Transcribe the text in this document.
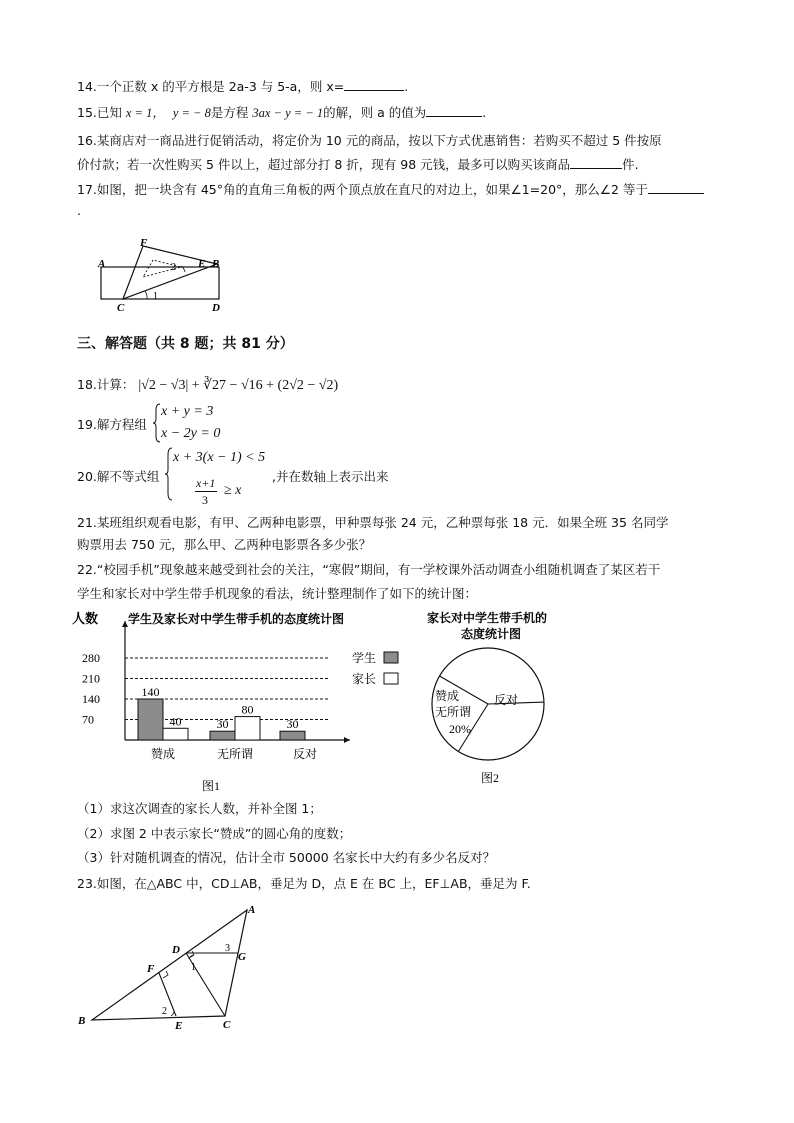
14.一个正数 x 的平方根是 2a-3 与 5-a，则 x=	.
15.已知 x = 1， y = − 8是方程 3ax − y = − 1的解，则 a 的值为	.
16.某商店对一商品进行促销活动，将定价为 10 元的商品，按以下方式优惠销售：若购买不超过 5 件按原
价付款；若一次性购买 5 件以上，超过部分打 8 折，现有 98 元钱，最多可以购买该商品	件.
17.如图，把一块含有 45°角的直角三角板的两个顶点放在直尺的对边上，如果∠1=20°，那么∠2 等于
.
F
A	E B
C	D
2
1
三、解答题（共 8 题；共 81 分）
18.计算： |√2 − √3| + ∛27 − √16 + (2√2 − √2)
19.解方程组
x + y = 3
x − 2y = 0
20.解不等式组
x + 3(x − 1) < 5
x+1
3
≥ x
,并在数轴上表示出来
21.某班组织观看电影，有甲、乙两种电影票，甲种票每张 24 元，乙种票每张 18 元．如果全班 35 名同学
购票用去 750 元，那么甲、乙两种电影票各多少张？
22.“校园手机”现象越来越受到社会的关注，“寒假”期间，有一学校课外活动调查小组随机调查了某区若干
学生和家长对中学生带手机现象的看法，统计整理制作了如下的统计图：
人数 学生及家长对中学生带手机的态度统计图
70
140
210
280
140
40
赞成
30
80
无所谓
30
反对
学生
家长
图1
家长对中学生带手机的
态度统计图
赞成
无所谓
20%
反对
图2
（1）求这次调查的家长人数，并补全图 1；
（2）求图 2 中表示家长“赞成”的圆心角的度数；
（3）针对随机调查的情况，估计全市 50000 名家长中大约有多少名反对？
23.如图，在△ABC 中，CD⊥AB，垂足为 D，点 E 在 BC 上，EF⊥AB，垂足为 F.
A
D	3
G
1
F
2
B	E	C
